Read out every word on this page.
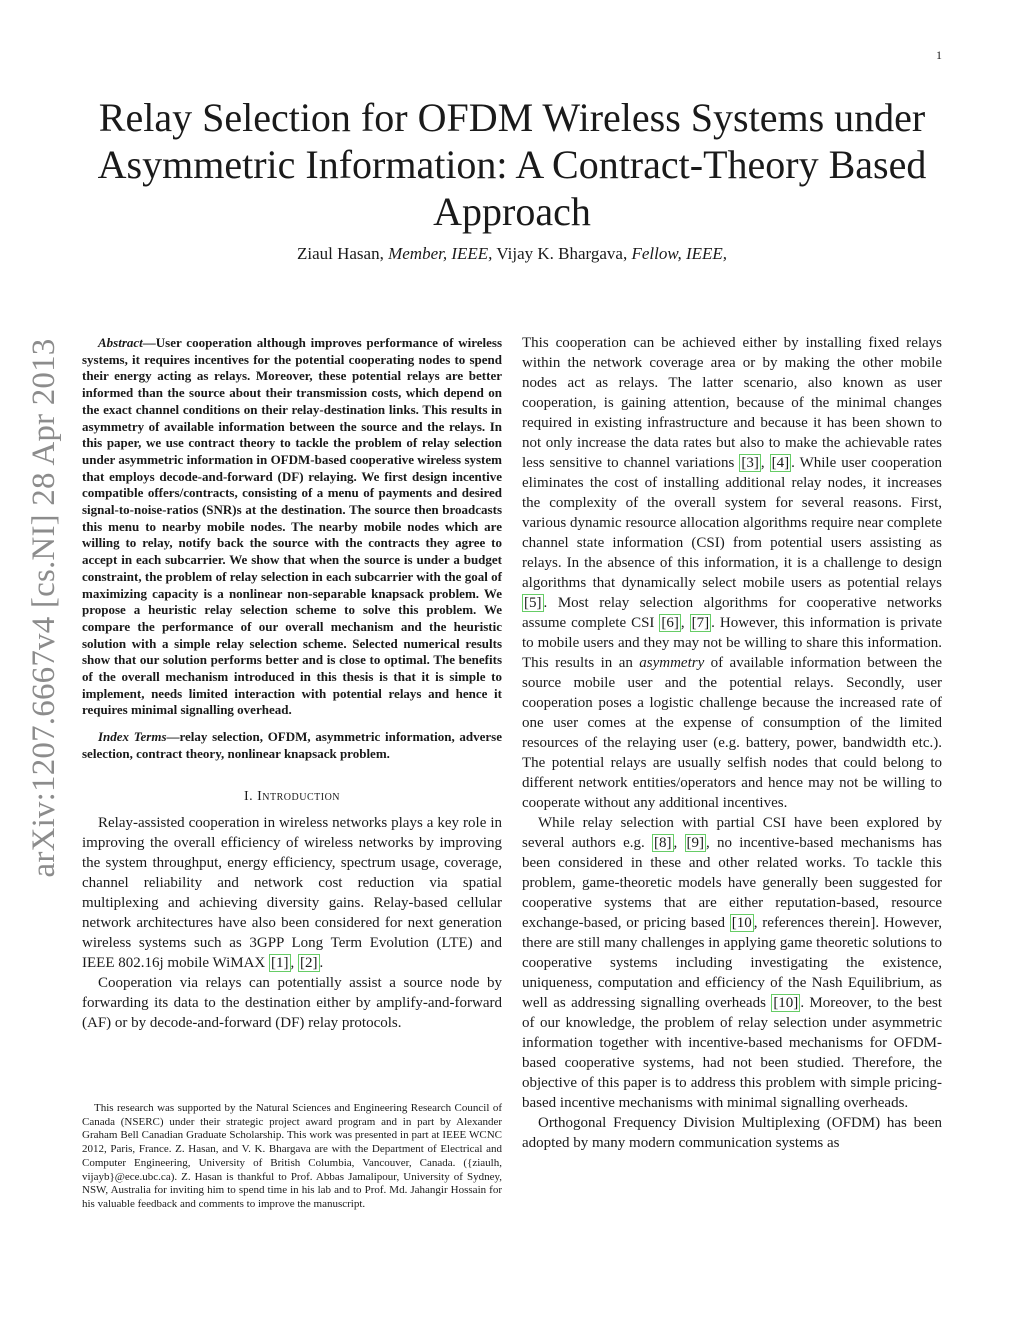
1
Relay Selection for OFDM Wireless Systems under
Asymmetric Information: A Contract-Theory Based
Approach
Ziaul Hasan, Member, IEEE, Vijay K. Bhargava, Fellow, IEEE,
arXiv:1207.6667v4 [cs.NI] 28 Apr 2013	Abstract—User cooperation although improves performance of wireless systems, it requires incentives for the potential cooperating nodes to spend their energy acting as relays. Moreover, these potential relays are better informed than the source about their transmission costs, which depend on the exact channel conditions on their relay-destination links. This results in asymmetry of available information between the source and the relays. In this paper, we use contract theory to tackle the problem of relay selection under asymmetric information in OFDM-based cooperative wireless system that employs decode-and-forward (DF) relaying. We first design incentive compatible offers/contracts, consisting of a menu of payments and desired signal-to-noise-ratios (SNR)s at the destination. The source then broadcasts this menu to nearby mobile nodes. The nearby mobile nodes which are willing to relay, notify back the source with the contracts they agree to accept in each subcarrier. We show that when the source is under a budget constraint, the problem of relay selection in each subcarrier with the goal of maximizing capacity is a nonlinear non-separable knapsack problem. We propose a heuristic relay selection scheme to solve this problem. We compare the performance of our overall mechanism and the heuristic solution with a simple relay selection scheme. Selected numerical results show that our solution performs better and is close to optimal. The benefits of the overall mechanism introduced in this thesis is that it is simple to implement, needs limited interaction with potential relays and hence it requires minimal signalling overhead.

Index Terms—relay selection, OFDM, asymmetric information, adverse selection, contract theory, nonlinear knapsack problem.

I. Introduction

Relay-assisted cooperation in wireless networks plays a key role in improving the overall efficiency of wireless networks by improving the system throughput, energy efficiency, spectrum usage, coverage, channel reliability and network cost reduction via spatial multiplexing and achieving diversity gains. Relay-based cellular network architectures have also been considered for next generation wireless systems such as 3GPP Long Term Evolution (LTE) and IEEE 802.16j mobile WiMAX [1] , [2] .

Cooperation via relays can potentially assist a source node by forwarding its data to the destination either by amplify-and-forward (AF) or by decode-and-forward (DF) relay protocols.

This research was supported by the Natural Sciences and Engineering Research Council of Canada (NSERC) under their strategic project award program and in part by Alexander Graham Bell Canadian Graduate Scholarship. This work was presented in part at IEEE WCNC 2012, Paris, France. Z. Hasan, and V. K. Bhargava are with the Department of Electrical and Computer Engineering, University of British Columbia, Vancouver, Canada. ({ziaulh, vijayb}@ece.ubc.ca). Z. Hasan is thankful to Prof. Abbas Jamalipour, University of Sydney, NSW, Australia for inviting him to spend time in his lab and to Prof. Md. Jahangir Hossain for his valuable feedback and comments to improve the manuscript.

This cooperation can be achieved either by installing fixed relays within the network coverage area or by making the other mobile nodes act as relays. The latter scenario, also known as user cooperation, is gaining attention, because of the minimal changes required in existing infrastructure and because it has been shown to not only increase the data rates but also to make the achievable rates less sensitive to channel variations [3] , [4] . While user cooperation eliminates the cost of installing additional relay nodes, it increases the complexity of the overall system for several reasons. First, various dynamic resource allocation algorithms require near complete channel state information (CSI) from potential users assisting as relays. In the absence of this information, it is a challenge to design algorithms that dynamically select mobile users as potential relays [5] . Most relay selection algorithms for cooperative networks assume complete CSI [6] , [7] . However, this information is private to mobile users and they may not be willing to share this information. This results in an asymmetry of available information between the source mobile user and the potential relays. Secondly, user cooperation poses a logistic challenge because the increased rate of one user comes at the expense of consumption of the limited resources of the relaying user (e.g. battery, power, bandwidth etc.). The potential relays are usually selfish nodes that could belong to different network entities/operators and hence may not be willing to cooperate without any additional incentives.

While relay selection with partial CSI have been explored by several authors e.g. [8] , [9] , no incentive-based mechanisms has been considered in these and other related works. To tackle this problem, game-theoretic models have generally been suggested for cooperative systems that are either reputation-based, resource exchange-based, or pricing based [10 , references therein]. However, there are still many challenges in applying game theoretic solutions to cooperative systems including investigating the existence, uniqueness, computation and efficiency of the Nash Equilibrium, as well as addressing signalling overheads [10] . Moreover, to the best of our knowledge, the problem of relay selection under asymmetric information together with incentive-based mechanisms for OFDM-based cooperative systems, had not been studied. Therefore, the objective of this paper is to address this problem with simple pricing-based incentive mechanisms with minimal signalling overheads.

Orthogonal Frequency Division Multiplexing (OFDM) has been adopted by many modern communication systems as
